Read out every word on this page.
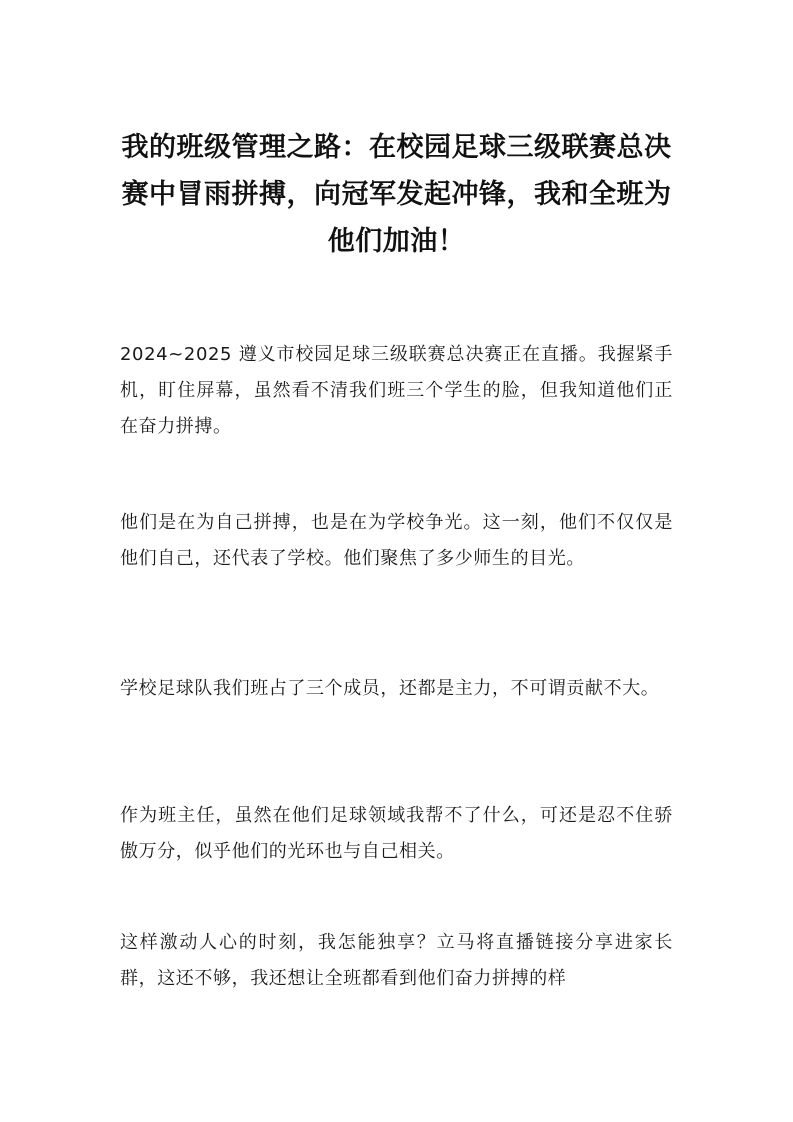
我的班级管理之路：在校园足球三级联赛总决赛中冒雨拼搏，向冠军发起冲锋，我和全班为他们加油！

2024~2025 遵义市校园足球三级联赛总决赛正在直播。我握紧手机，盯住屏幕，虽然看不清我们班三个学生的脸，但我知道他们正在奋力拼搏。

他们是在为自己拼搏，也是在为学校争光。这一刻，他们不仅仅是他们自己，还代表了学校。他们聚焦了多少师生的目光。

学校足球队我们班占了三个成员，还都是主力，不可谓贡献不大。

作为班主任，虽然在他们足球领域我帮不了什么，可还是忍不住骄傲万分，似乎他们的光环也与自己相关。

这样激动人心的时刻，我怎能独享？立马将直播链接分享进家长群，这还不够，我还想让全班都看到他们奋力拼搏的样
